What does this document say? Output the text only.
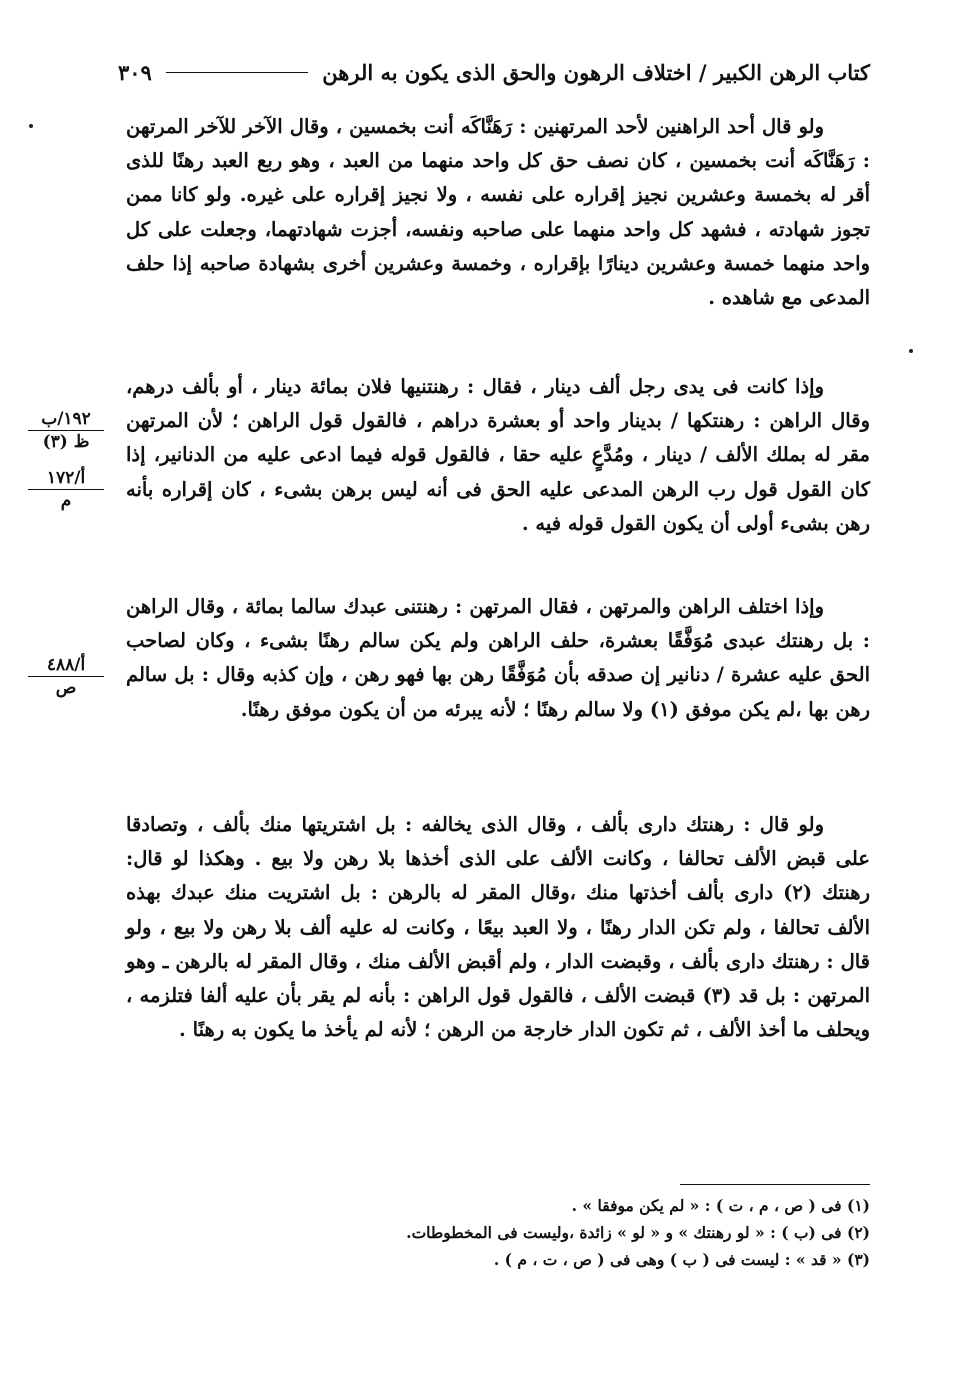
كتاب الرهن الكبير / اختلاف الرهون والحق الذى يكون به الرهن
٣٠٩

ولو قال أحد الراهنين لأحد المرتهنين : رَهَنَّاكَه أنت بخمسين ، وقال الآخر للآخر المرتهن : رَهَنَّاكَه أنت بخمسين ، كان نصف حق كل واحد منهما من العبد ، وهو ربع العبد رهنًا للذى أقر له بخمسة وعشرين نجيز إقراره على نفسه ، ولا نجيز إقراره على غيره. ولو كانا ممن تجوز شهادته ، فشهد كل واحد منهما على صاحبه ونفسه، أجزت شهادتهما، وجعلت على كل واحد منهما خمسة وعشرين دينارًا بإقراره ، وخمسة وعشرين أخرى بشهادة صاحبه إذا حلف المدعى مع شاهده .

وإذا كانت فى يدى رجل ألف دينار ، فقال : رهنتنيها فلان بمائة دينار ، أو بألف درهم، وقال الراهن : رهنتكها / بدينار واحد أو بعشرة دراهم ، فالقول قول الراهن ؛ لأن المرتهن مقر له بملك الألف / دينار ، ومُدَّعٍ عليه حقا ، فالقول قوله فيما ادعى عليه من الدنانير، إذا كان القول قول رب الرهن المدعى عليه الحق فى أنه ليس برهن بشىء ، كان إقراره بأنه رهن بشىء أولى أن يكون القول قوله فيه .

وإذا اختلف الراهن والمرتهن ، فقال المرتهن : رهنتنى عبدك سالما بمائة ، وقال الراهن : بل رهنتك عبدى مُوَفَّقًا بعشرة، حلف الراهن ولم يكن سالم رهنًا بشىء ، وكان لصاحب الحق عليه عشرة / دنانير إن صدقه بأن مُوَفَّقًا رهن بها فهو رهن ، وإن كذبه وقال : بل سالم رهن بها ،لم يكن موفق (١) ولا سالم رهنًا ؛ لأنه يبرئه من أن يكون موفق رهنًا.

ولو قال : رهنتك دارى بألف ، وقال الذى يخالفه : بل اشتريتها منك بألف ، وتصادقا على قبض الألف تحالفا ، وكانت الألف على الذى أخذها بلا رهن ولا بيع . وهكذا لو قال: رهنتك (٢) دارى بألف أخذتها منك ،وقال المقر له بالرهن : بل اشتريت منك عبدك بهذه الألف تحالفا ، ولم تكن الدار رهنًا ، ولا العبد بيعًا ، وكانت له عليه ألف بلا رهن ولا بيع ، ولو قال : رهنتك دارى بألف ، وقبضت الدار ، ولم أقبض الألف منك ، وقال المقر له بالرهن ـ وهو المرتهن : بل قد (٣) قبضت الألف ، فالقول قول الراهن : بأنه لم يقر بأن عليه ألفا فتلزمه ، ويحلف ما أخذ الألف ، ثم تكون الدار خارجة من الرهن ؛ لأنه لم يأخذ ما يكون به رهنًا .

١٩٢/ب
ظ (٣)
أ/١٧٢
م
أ/٤٨٨
ص
(١) فى ( ص ، م ، ت ) : « لم يكن موفقا » .
(٢) فى (ب ) : « لو رهنتك » و « لو » زائدة ،وليست فى المخطوطات.
(٣) « قد » : ليست فى ( ب ) وهى فى ( ص ، ت ، م ) .
